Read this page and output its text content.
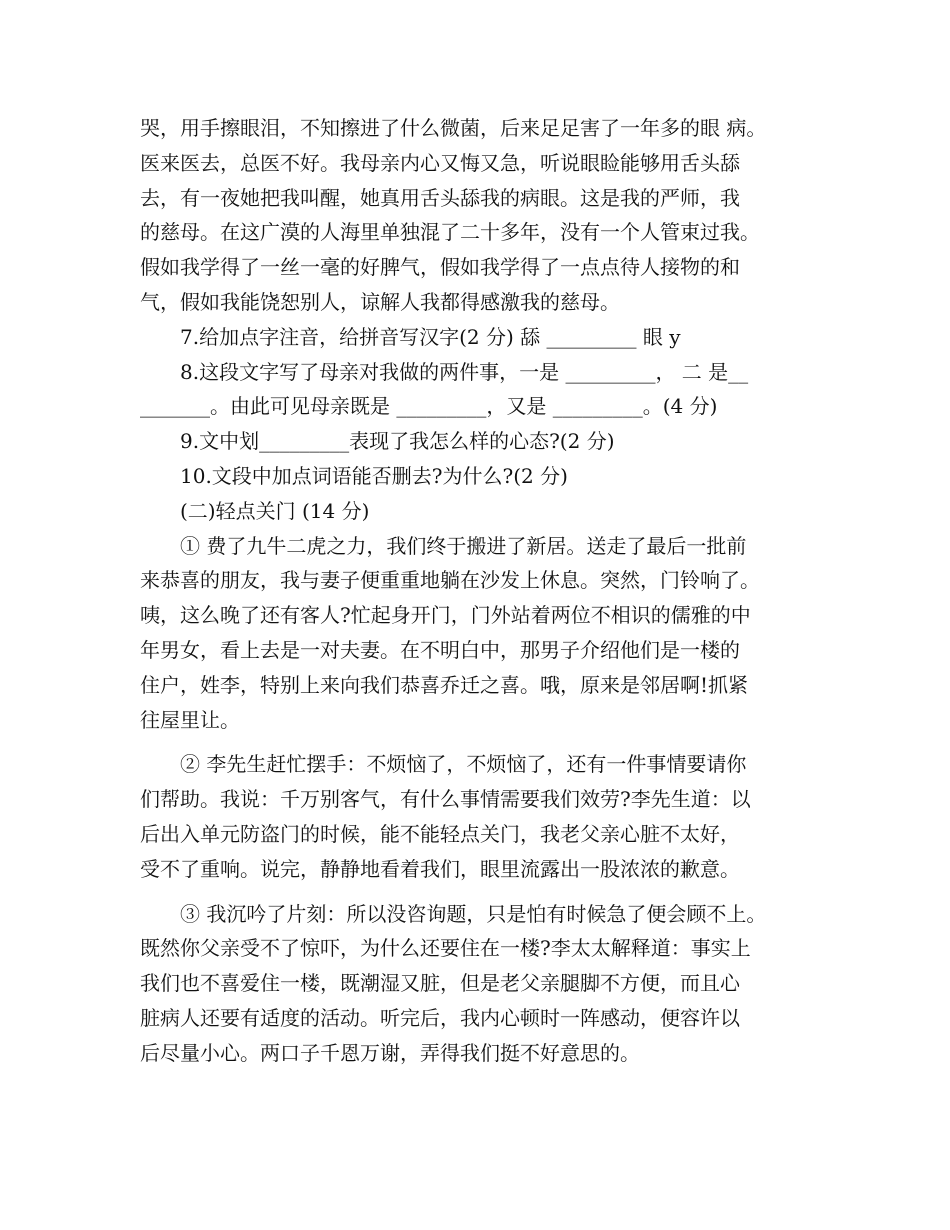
哭，用手擦眼泪，不知擦进了什么微菌，后来足足害了一年多的眼 病。
医来医去，总医不好。我母亲内心又悔又急，听说眼睑能够用舌头舔
去，有一夜她把我叫醒，她真用舌头舔我的病眼。这是我的严师，我
的慈母。在这广漠的人海里单独混了二十多年，没有一个人管束过我。
假如我学得了一丝一毫的好脾气，假如我学得了一点点待人接物的和
气，假如我能饶恕别人，谅解人我都得感激我的慈母。
7.给加点字注音，给拼音写汉字(2 分) 舔 _________ 眼 y
8.这段文字写了母亲对我做的两件事，一是 _________， 二 是__
_______。由此可见母亲既是 _________，又是 _________。(4 分)
9.文中划_________表现了我怎么样的心态?(2 分)
10.文段中加点词语能否删去?为什么?(2 分)
(二)轻点关门 (14 分)
① 费了九牛二虎之力，我们终于搬进了新居。送走了最后一批前
来恭喜的朋友，我与妻子便重重地躺在沙发上休息。突然，门铃响了。
咦，这么晚了还有客人?忙起身开门，门外站着两位不相识的儒雅的中
年男女，看上去是一对夫妻。在不明白中，那男子介绍他们是一楼的
住户，姓李，特别上来向我们恭喜乔迁之喜。哦，原来是邻居啊!抓紧
往屋里让。
② 李先生赶忙摆手：不烦恼了，不烦恼了，还有一件事情要请你
们帮助。我说：千万别客气，有什么事情需要我们效劳?李先生道：以
后出入单元防盗门的时候，能不能轻点关门，我老父亲心脏不太好，
受不了重响。说完，静静地看着我们，眼里流露出一股浓浓的歉意。
③ 我沉吟了片刻：所以没咨询题，只是怕有时候急了便会顾不上。
既然你父亲受不了惊吓，为什么还要住在一楼?李太太解释道：事实上
我们也不喜爱住一楼，既潮湿又脏，但是老父亲腿脚不方便，而且心
脏病人还要有适度的活动。听完后，我内心顿时一阵感动，便容许以
后尽量小心。两口子千恩万谢，弄得我们挺不好意思的。
